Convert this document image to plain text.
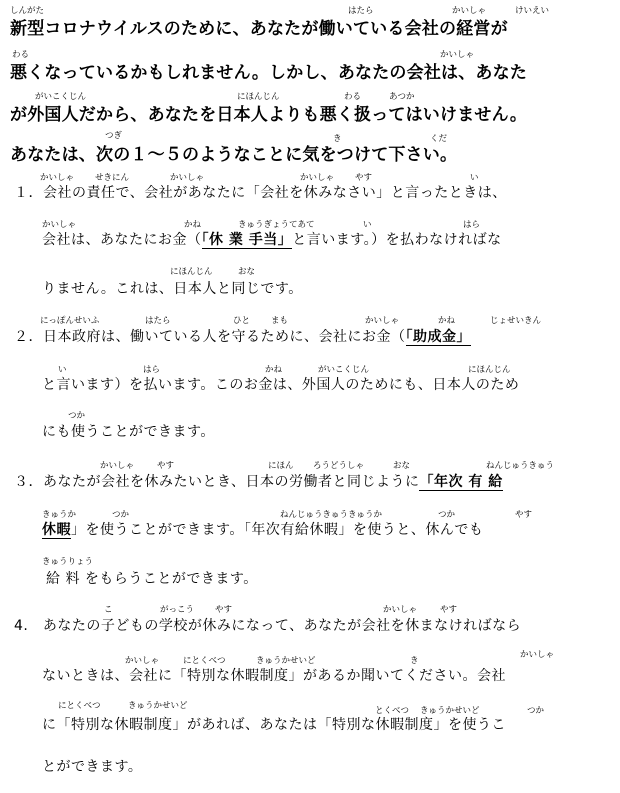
しんがた	はたら	かいしゃ	けいえい
新型コロナウイルスのために、あなたが働いている会社の経営が
わる	かいしゃ
悪くなっているかもしれません。しかし、あなたの会社は、あなた
がいこくじん	にほんじん	わる	あつか
が外国人だから、あなたを日本人よりも悪く扱ってはいけません。
つぎ	き	くだ
あなたは、次の１～５のようなことに気をつけて下さい。
かいしゃ せきにん	かいしゃ	かいしゃ やす	い
１．会社の責任で、会社があなたに「会社を休みなさい」と言ったときは、
かいしゃ	かね	きゅうぎょうてあて	い	はら
会社は、あなたにお金（「休 業 手当」と言います。）を払わなければな
にほんじん	おな
りません。これは、日本人と同じです。
にっぽんせいふ	はたら	ひと まも	かいしゃ	かね	じょせいきん
２．日本政府は、働いている人を守るために、会社にお金（「助成金」
い	はら	かね	がいこくじん	にほんじん
と言います）を払います。このお金は、外国人のためにも、日本人のため
つか
にも使うことができます。
かいしゃ	やす	にほん ろうどうしゃ	おな	ねんじゅうきゅう
３．あなたが会社を休みたいとき、日本の労働者と同じように「年次 有 給
きゅうか	つか	ねんじゅうきゅうきゅうか	つか	やす
休暇」を使うことができます。「年次有給休暇」を使うと、休んでも
きゅうりょう
給 料 をもらうことができます。
こ	がっこう やす	かいしゃ	やす
4.　あなたの子どもの学校が休みになって、あなたが会社を休まなければなら
かいしゃ	にとくべつ	きゅうかせいど	き
かいしゃ
ないときは、会社に「特別な休暇制度」があるか聞いてください。会社
にとくべつ	きゅうかせいど	とくべつ きゅうかせいど	つか
に「特別な休暇制度」があれば、あなたは「特別な休暇制度」を使うこ
とができます。
